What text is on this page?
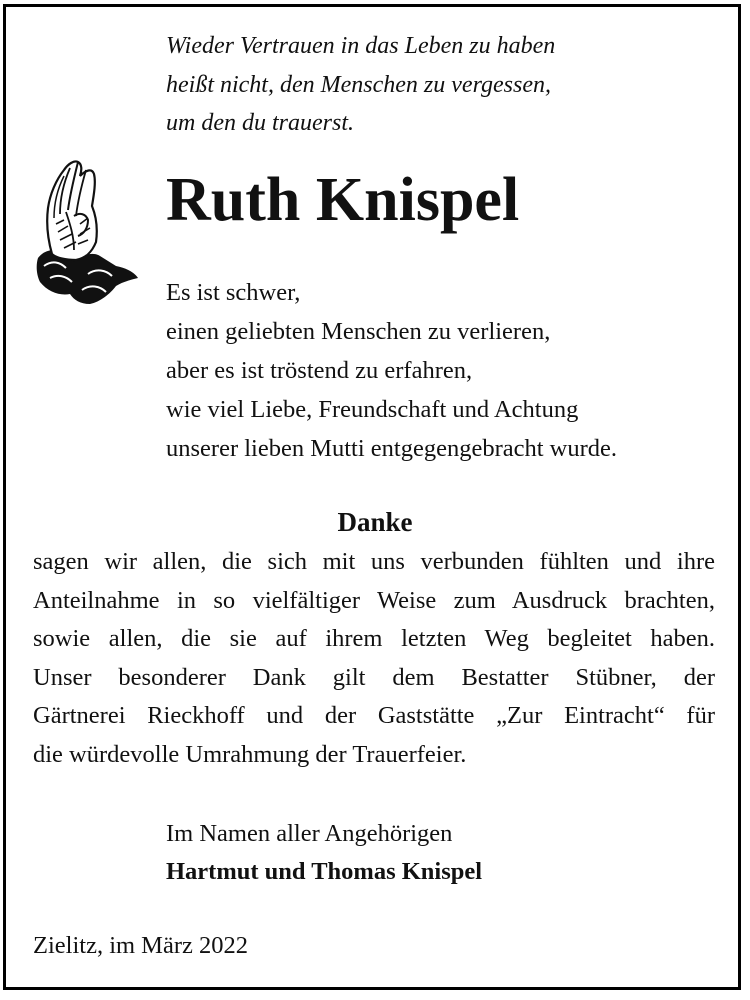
Wieder Vertrauen in das Leben zu haben
heißt nicht, den Menschen zu vergessen,
um den du trauerst.
Ruth Knispel
Es ist schwer,
einen geliebten Menschen zu verlieren,
aber es ist tröstend zu erfahren,
wie viel Liebe, Freundschaft und Achtung
unserer lieben Mutti entgegengebracht wurde.
Danke
sagen wir allen, die sich mit uns verbunden fühlten und ihre
Anteilnahme in so vielfältiger Weise zum Ausdruck brachten,
sowie allen, die sie auf ihrem letzten Weg begleitet haben.
Unser besonderer Dank gilt dem Bestatter Stübner, der
Gärtnerei Rieckhoff und der Gaststätte „Zur Eintracht“ für
die würdevolle Umrahmung der Trauerfeier.
Im Namen aller Angehörigen
Hartmut und Thomas Knispel
Zielitz, im März 2022
